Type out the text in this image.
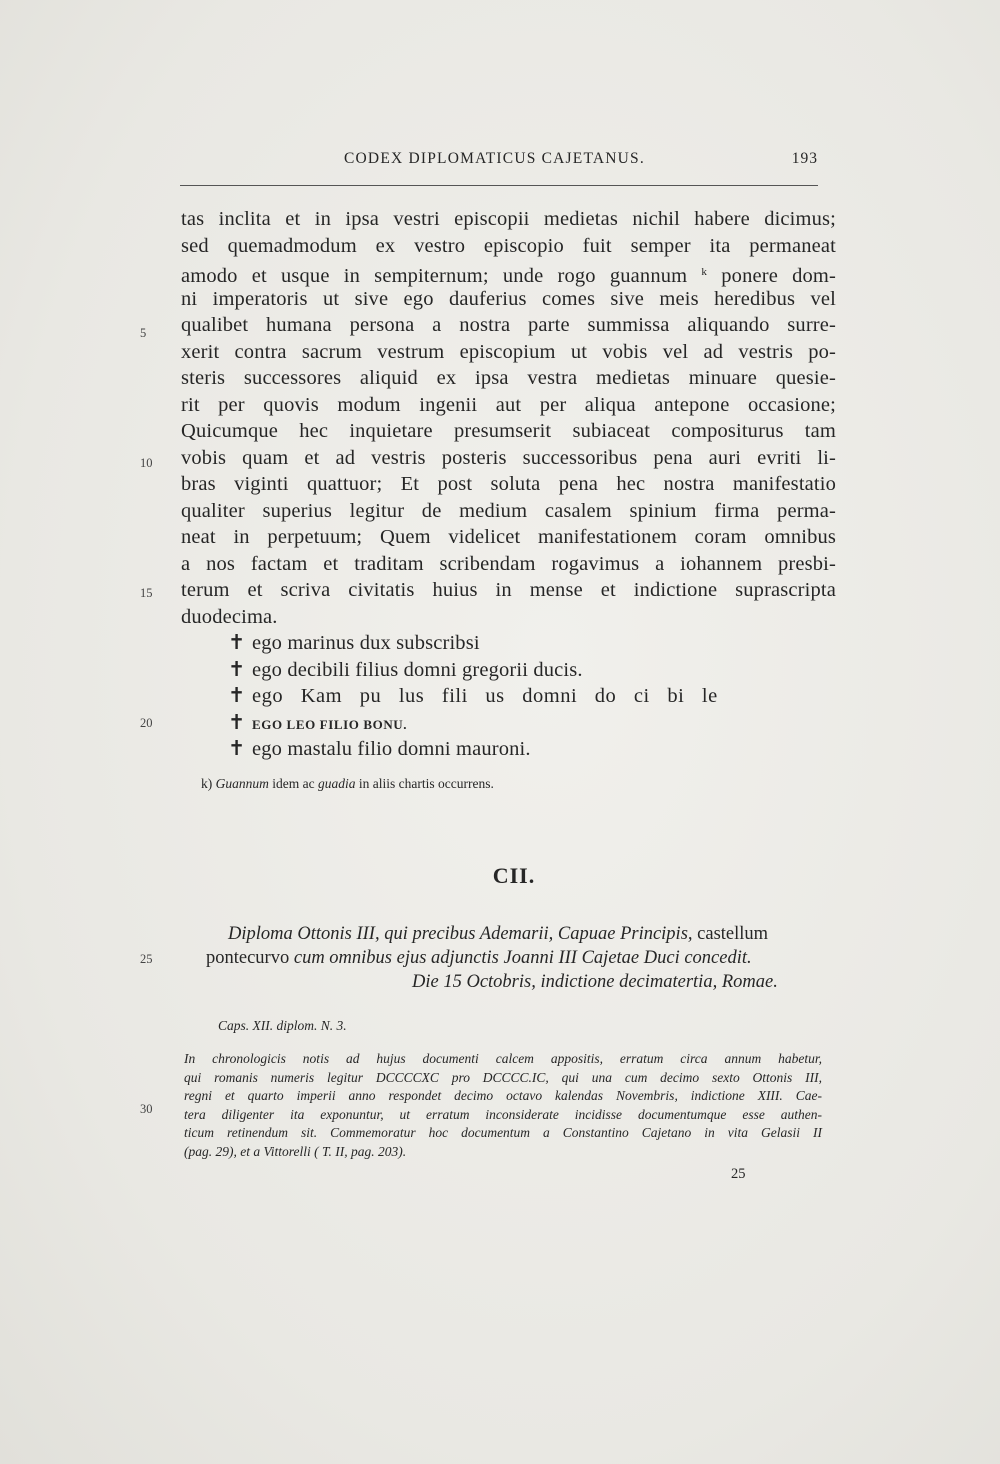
CODEX DIPLOMATICUS CAJETANUS.	193
tas inclita et in ipsa vestri episcopii medietas nichil habere dicimus;
sed quemadmodum ex vestro episcopio fuit semper ita permaneat
amodo et usque in sempiternum; unde rogo guannum $^k$ ponere dom-
ni imperatoris ut sive ego dauferius comes sive meis heredibus vel
qualibet humana persona a nostra parte summissa aliquando surre-
xerit contra sacrum vestrum episcopium ut vobis vel ad vestris po-
steris successores aliquid ex ipsa vestra medietas minuare quesie-
rit per quovis modum ingenii aut per aliqua antepone occasione;
Quicumque hec inquietare presumserit subiaceat compositurus tam
vobis quam et ad vestris posteris successoribus pena auri evriti li-
bras viginti quattuor; Et post soluta pena hec nostra manifestatio
qualiter superius legitur de medium casalem spinium firma perma-
neat in perpetuum; Quem videlicet manifestationem coram omnibus
a nos factam et traditam scribendam rogavimus a iohannem presbi-
terum et scriva civitatis huius in mense et indictione suprascripta
duodecima.
✝ ego marinus dux subscribsi
✝ ego decibili filius domni gregorii ducis.
✝ ego Kam pu lus fili us domni do ci bi le
✝ EGO LEO FILIO BONU.
✝ ego mastalu filio domni mauroni.
5
10
15
20
25
30
k) Guannum idem ac guadia in aliis chartis occurrens.
CII.
Diploma Ottonis III, qui precibus Ademarii, Capuae Principis, castellum
pontecurvo cum omnibus ejus adjunctis Joanni III Cajetae Duci concedit.
Die 15 Octobris, indictione decimatertia, Romae.
Caps. XII. diplom. N. 3.
In chronologicis notis ad hujus documenti calcem appositis, erratum circa annum habetur,
qui romanis numeris legitur DCCCCXC pro DCCCC.IC, qui una cum decimo sexto Ottonis III,
regni et quarto imperii anno respondet decimo octavo kalendas Novembris, indictione XIII. Cae-
tera diligenter ita exponuntur, ut erratum inconsiderate incidisse documentumque esse authen-
ticum retinendum sit. Commemoratur hoc documentum a Constantino Cajetano in vita Gelasii II
(pag. 29), et a Vittorelli ( T. II, pag. 203).
25
